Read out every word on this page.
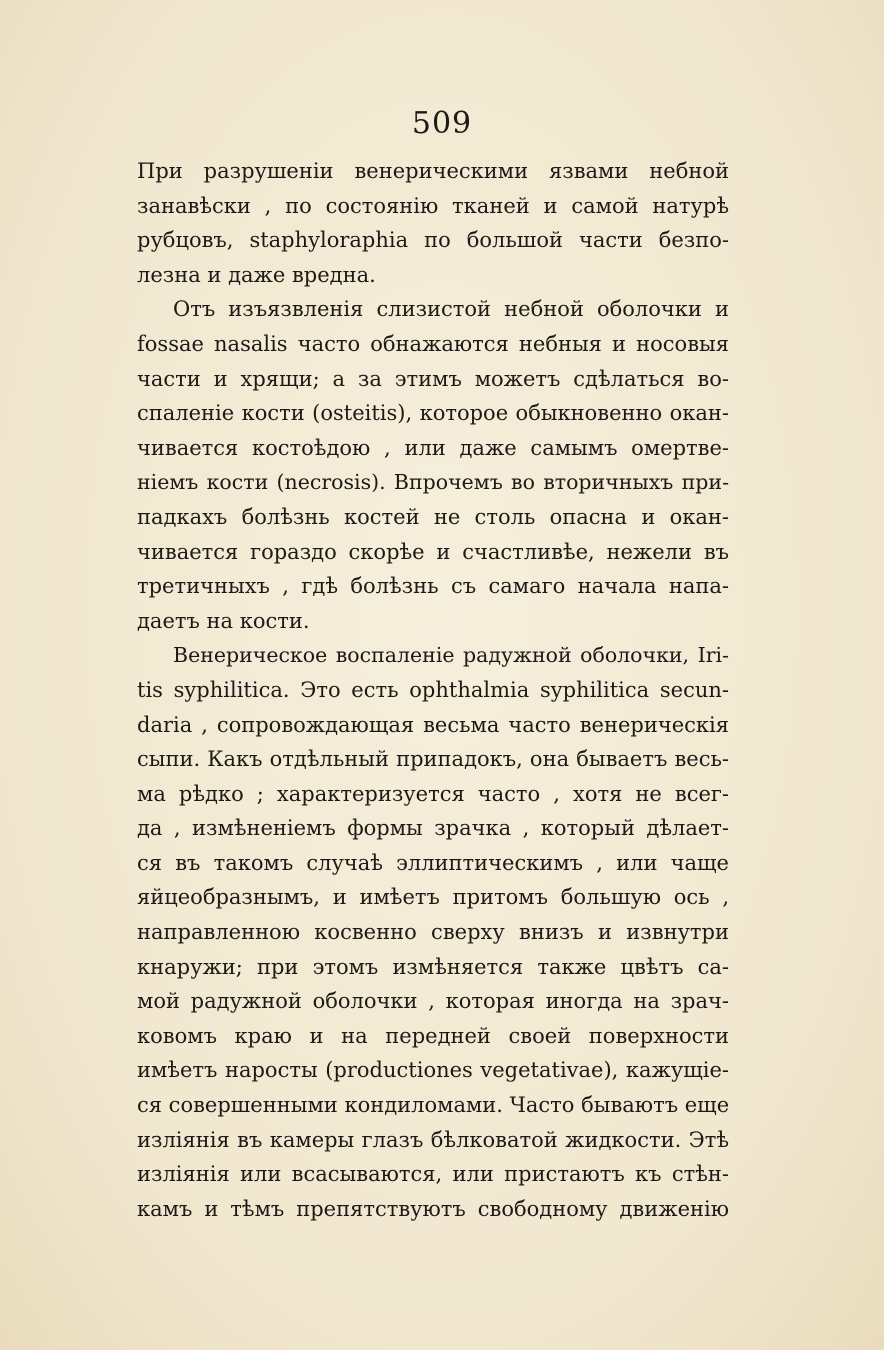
509
При разрушенiи венерическими язвами небной
занавѣски , по состоянiю тканей и самой натурѣ
рубцовъ, staphyloraphia по большой части безпо-
лезна и даже вредна.
Отъ изъязвленiя слизистой небной оболочки и
fossae nasalis часто обнажаются небныя и носовыя
части и хрящи; а за этимъ можетъ сдѣлаться во-
спаленiе кости (osteitis), которое обыкновенно окан-
чивается костоѣдою , или даже самымъ омертве-
нiемъ кости (necrosis). Впрочемъ во вторичныхъ при-
падкахъ болѣзнь костей не столь опасна и окан-
чивается гораздо скорѣе и счастливѣе, нежели въ
третичныхъ , гдѣ болѣзнь съ самаго начала напа-
даетъ на кости.
Венерическое воспаленiе радужной оболочки, Iri-
tis syphilitica. Это есть ophthalmia syphilitica secun-
daria , сопровождающая весьма часто венерическiя
сыпи. Какъ отдѣльный припадокъ, она бываетъ весь-
ма рѣдко ; характеризуется часто , хотя не всег-
да , измѣненiемъ формы зрачка , который дѣлает-
ся въ такомъ случаѣ эллиптическимъ , или чаще
яйцеобразнымъ, и имѣетъ притомъ большую ось ,
направленною косвенно сверху внизъ и извнутри
кнаружи; при этомъ измѣняется также цвѣтъ са-
мой радужной оболочки , которая иногда на зрач-
ковомъ краю и на передней своей поверхности
имѣетъ наросты (productiones vegetativae), кажущiе-
ся совершенными кондиломами. Часто бываютъ еще
изліянія въ камеры глазъ бѣлковатой жидкости. Этѣ
изліянія или всасываются, или пристаютъ къ стѣн-
камъ и тѣмъ препятствуютъ свободному движенiю
